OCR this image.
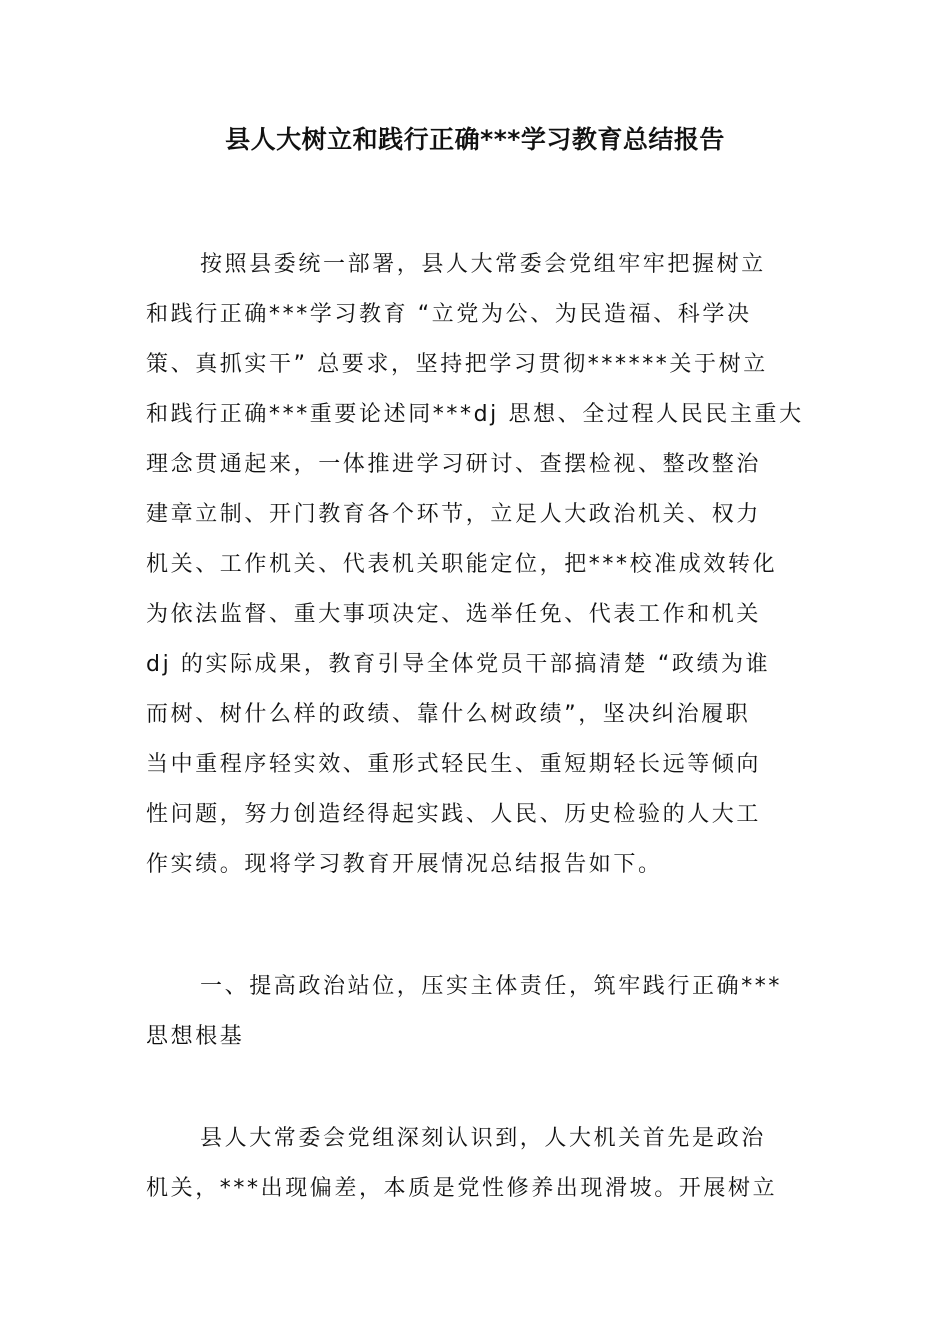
县人大树立和践行正确***学习教育总结报告
按照县委统一部署，县人大常委会党组牢牢把握树立
和践行正确***学习教育 “立党为公、为民造福、科学决
策、真抓实干” 总要求，坚持把学习贯彻******关于树立
和践行正确***重要论述同***dj 思想、全过程人民民主重大
理念贯通起来，一体推进学习研讨、查摆检视、整改整治
建章立制、开门教育各个环节，立足人大政治机关、权力
机关、工作机关、代表机关职能定位，把***校准成效转化
为依法监督、重大事项决定、选举任免、代表工作和机关
dj 的实际成果，教育引导全体党员干部搞清楚 “政绩为谁
而树、树什么样的政绩、靠什么树政绩”，坚决纠治履职
当中重程序轻实效、重形式轻民生、重短期轻长远等倾向
性问题，努力创造经得起实践、人民、历史检验的人大工
作实绩。现将学习教育开展情况总结报告如下。
一、提高政治站位，压实主体责任，筑牢践行正确***
思想根基
县人大常委会党组深刻认识到，人大机关首先是政治
机关，***出现偏差，本质是党性修养出现滑坡。开展树立
